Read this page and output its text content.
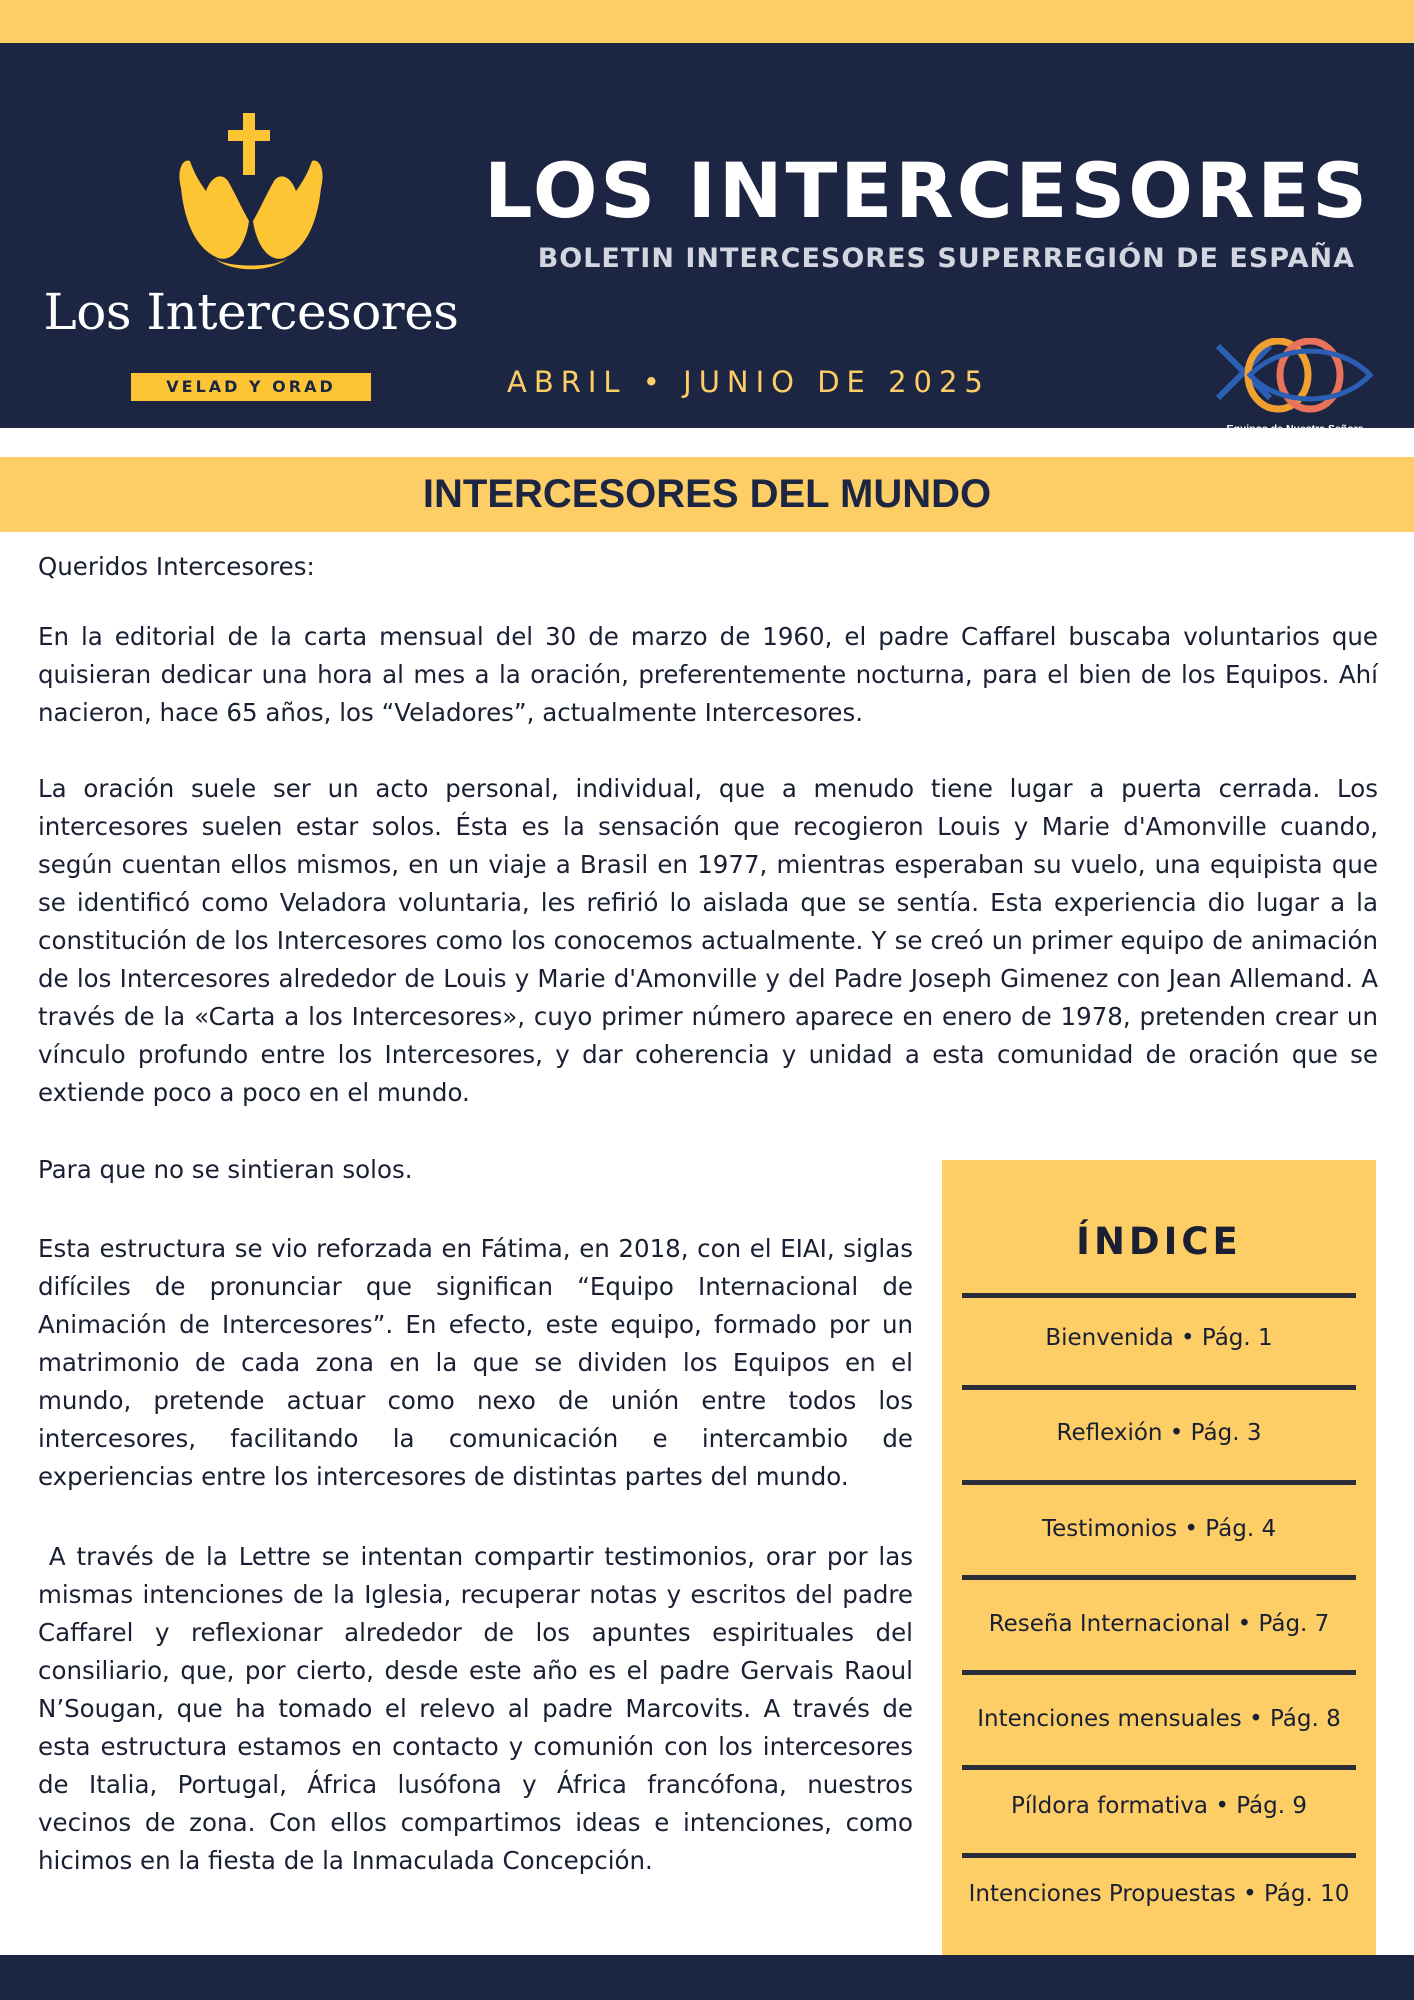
Los Intercesores
VELAD Y ORAD
LOS INTERCESORES
BOLETIN INTERCESORES SUPERREGIÓN DE ESPAÑA
ABRIL • JUNIO DE 2025
Equipos de Nuestra Señora
Superregión de España
INTERCESORES DEL MUNDO

Queridos Intercesores:

En la editorial de la carta mensual del 30 de marzo de 1960, el padre Caffarel buscaba voluntarios que quisieran dedicar una hora al mes a la oración, preferentemente nocturna, para el bien de los Equipos. Ahí nacieron, hace 65 años, los “Veladores”, actualmente Intercesores.

La oración suele ser un acto personal, individual, que a menudo tiene lugar a puerta cerrada. Los intercesores suelen estar solos. Ésta es la sensación que recogieron Louis y Marie d'Amonville cuando, según cuentan ellos mismos, en un viaje a Brasil en 1977, mientras esperaban su vuelo, una equipista que se identificó como Veladora voluntaria, les refirió lo aislada que se sentía. Esta experiencia dio lugar a la constitución de los Intercesores como los conocemos actualmente. Y se creó un primer equipo de animación de los Intercesores alrededor de Louis y Marie d'Amonville y del Padre Joseph Gimenez con Jean Allemand. A través de la «Carta a los Intercesores», cuyo primer número aparece en enero de 1978, pretenden crear un vínculo profundo entre los Intercesores, y dar coherencia y unidad a esta comunidad de oración que se extiende poco a poco en el mundo.

Para que no se sintieran solos.

Esta estructura se vio reforzada en Fátima, en 2018, con el EIAI, siglas difíciles de pronunciar que significan “Equipo Internacional de Animación de Intercesores”. En efecto, este equipo, formado por un matrimonio de cada zona en la que se dividen los Equipos en el mundo, pretende actuar como nexo de unión entre todos los intercesores, facilitando la comunicación e intercambio de experiencias entre los intercesores de distintas partes del mundo.

A través de la Lettre se intentan compartir testimonios, orar por las mismas intenciones de la Iglesia, recuperar notas y escritos del padre Caffarel y reflexionar alrededor de los apuntes espirituales del consiliario, que, por cierto, desde este año es el padre Gervais Raoul N’Sougan, que ha tomado el relevo al padre Marcovits. A través de esta estructura estamos en contacto y comunión con los intercesores de Italia, Portugal, África lusófona y África francófona, nuestros vecinos de zona. Con ellos compartimos ideas e intenciones, como hicimos en la fiesta de la Inmaculada Concepción.

ÍNDICE
Bienvenida • Pág. 1
Reflexión • Pág. 3
Testimonios • Pág. 4
Reseña Internacional • Pág. 7
Intenciones mensuales • Pág. 8
Píldora formativa • Pág. 9
Intenciones Propuestas • Pág. 10
